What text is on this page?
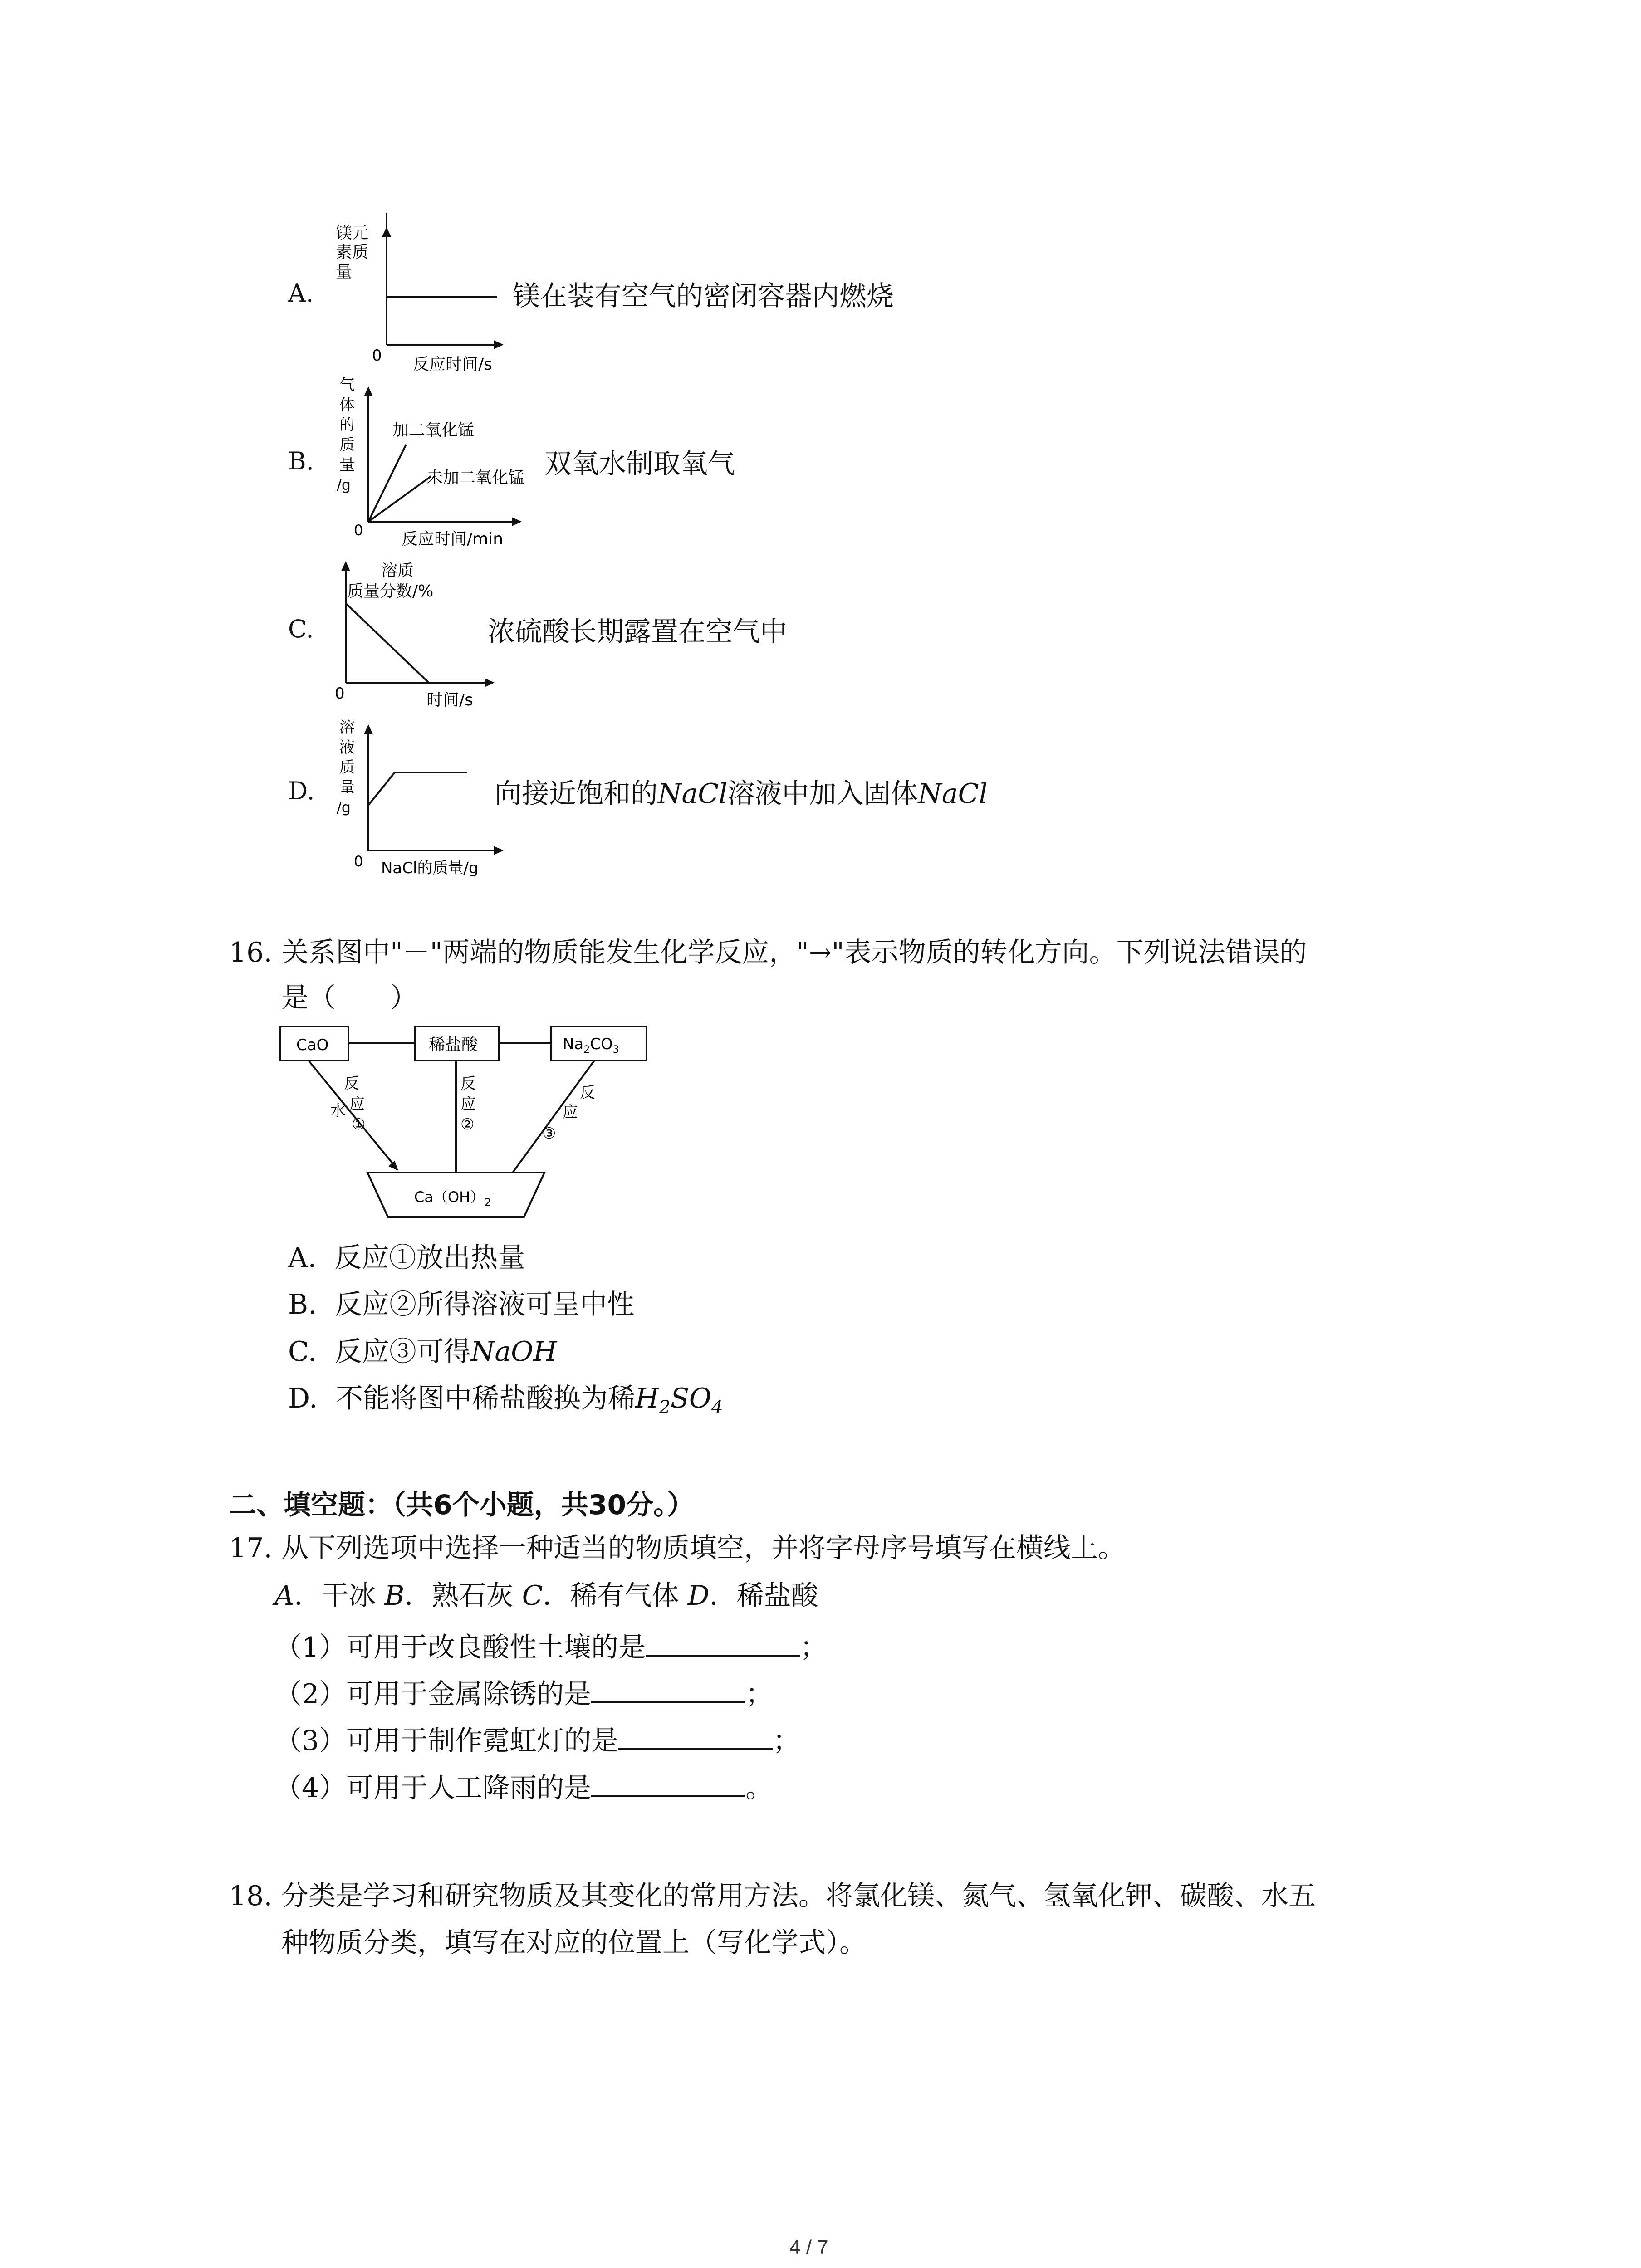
A.
镁元
素质
量
0 反应时间/s
镁在装有空气的密闭容器内燃烧
B.
气
体
的
质
量
/g
0
加二氧化锰
未加二氧化锰
反应时间/min
双氧水制取氧气
C.
溶质
质量分数/%
0	时间/s
浓硫酸长期露置在空气中
D.
溶
液
质
量
/g
0 NaCl的质量/g
向接近饱和的NaCl溶液中加入固体NaCl
16. 关系图中"－"两端的物质能发生化学反应，"→"表示物质的转化方向。下列说法错误的
是（　　）
CaO	稀盐酸	$Na_2CO_3$
$Ca(OH)_2$
反
应
水
①
反
应
②
反
应
③
A. 反应①放出热量
B. 反应②所得溶液可呈中性
C. 反应③可得NaOH
D. 不能将图中稀盐酸换为稀$H_2SO_4$
二、填空题：（共6个小题，共30分。）
17. 从下列选项中选择一种适当的物质填空，并将字母序号填写在横线上。
A．干冰 B．熟石灰 C．稀有气体 D．稀盐酸
（1）可用于改良酸性土壤的是	；
（2）可用于金属除锈的是	；
（3）可用于制作霓虹灯的是	；
（4）可用于人工降雨的是	。
18. 分类是学习和研究物质及其变化的常用方法。将氯化镁、氮气、氢氧化钾、碳酸、水五
种物质分类，填写在对应的位置上（写化学式）。
4 / 7
